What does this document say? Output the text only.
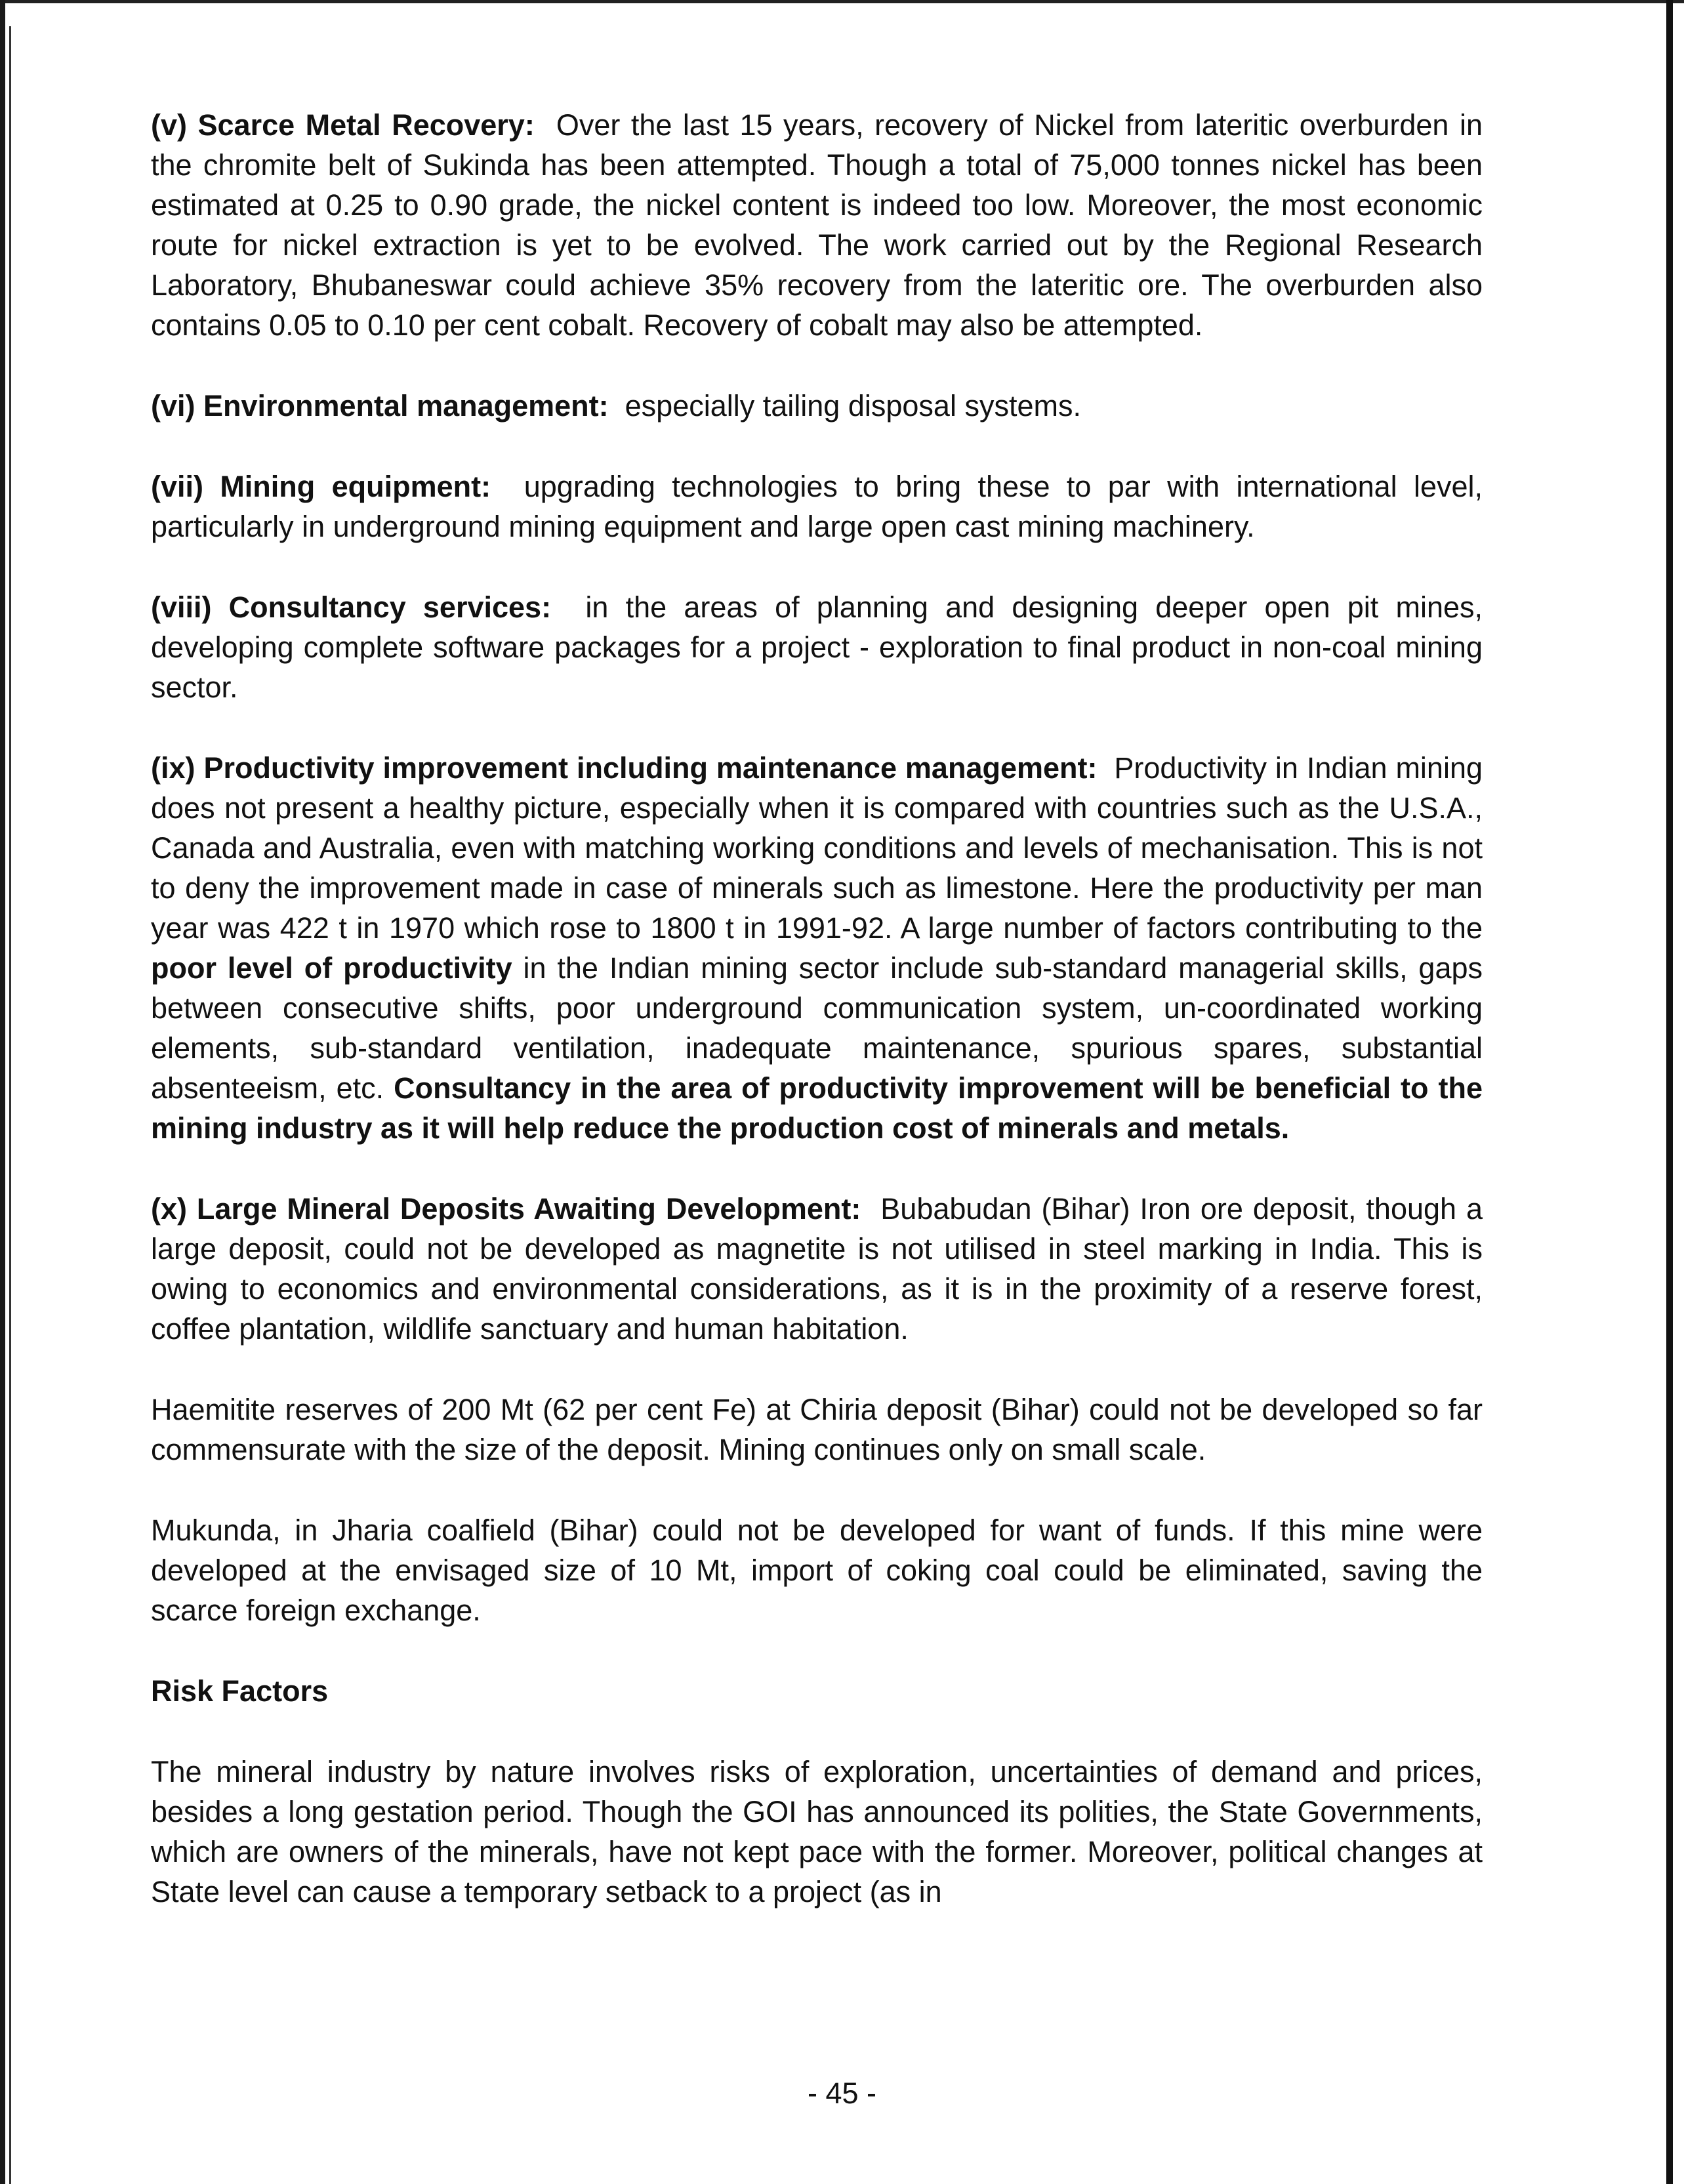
(v) Scarce Metal Recovery: Over the last 15 years, recovery of Nickel from lateritic overburden in the chromite belt of Sukinda has been attempted. Though a total of 75,000 tonnes nickel has been estimated at 0.25 to 0.90 grade, the nickel content is indeed too low. Moreover, the most economic route for nickel extraction is yet to be evolved. The work carried out by the Regional Research Laboratory, Bhubaneswar could achieve 35% recovery from the lateritic ore. The overburden also contains 0.05 to 0.10 per cent cobalt. Recovery of cobalt may also be attempted.

(vi) Environmental management: especially tailing disposal systems.

(vii) Mining equipment: upgrading technologies to bring these to par with international level, particularly in underground mining equipment and large open cast mining machinery.

(viii) Consultancy services: in the areas of planning and designing deeper open pit mines, developing complete software packages for a project - exploration to final product in non-coal mining sector.

(ix) Productivity improvement including maintenance management: Productivity in Indian mining does not present a healthy picture, especially when it is compared with countries such as the U.S.A., Canada and Australia, even with matching working conditions and levels of mechanisation. This is not to deny the improvement made in case of minerals such as limestone. Here the productivity per man year was 422 t in 1970 which rose to 1800 t in 1991-92. A large number of factors contributing to the poor level of productivity in the Indian mining sector include sub-standard managerial skills, gaps between consecutive shifts, poor underground communication system, un-coordinated working elements, sub-standard ventilation, inadequate maintenance, spurious spares, substantial absenteeism, etc. Consultancy in the area of productivity improvement will be beneficial to the mining industry as it will help reduce the production cost of minerals and metals.

(x) Large Mineral Deposits Awaiting Development: Bubabudan (Bihar) Iron ore deposit, though a large deposit, could not be developed as magnetite is not utilised in steel marking in India. This is owing to economics and environmental considerations, as it is in the proximity of a reserve forest, coffee plantation, wildlife sanctuary and human habitation.

Haemitite reserves of 200 Mt (62 per cent Fe) at Chiria deposit (Bihar) could not be developed so far commensurate with the size of the deposit. Mining continues only on small scale.

Mukunda, in Jharia coalfield (Bihar) could not be developed for want of funds. If this mine were developed at the envisaged size of 10 Mt, import of coking coal could be eliminated, saving the scarce foreign exchange.

Risk Factors

The mineral industry by nature involves risks of exploration, uncertainties of demand and prices, besides a long gestation period. Though the GOI has announced its polities, the State Governments, which are owners of the minerals, have not kept pace with the former. Moreover, political changes at State level can cause a temporary setback to a project (as in

- 45 -
